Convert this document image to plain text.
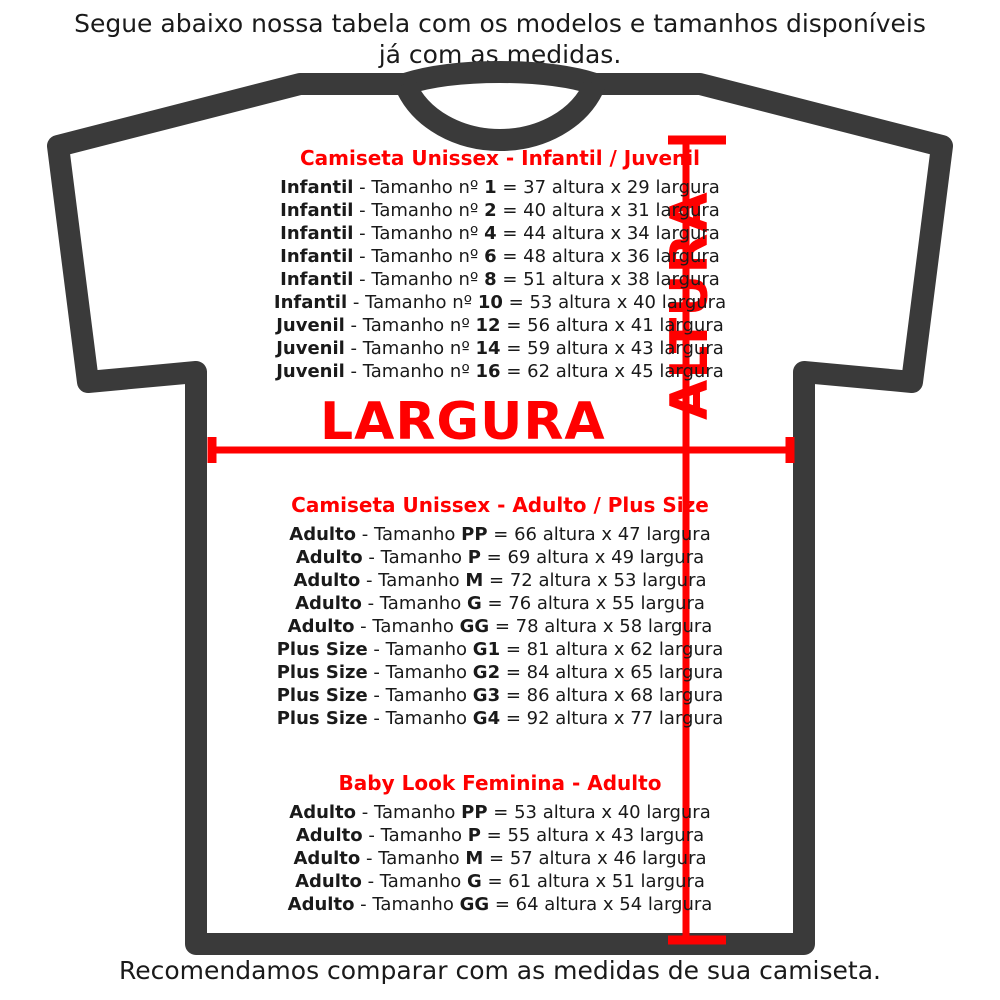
Segue abaixo nossa tabela com os modelos e tamanhos disponíveis
já com as medidas.
LARGURA
ALTURA
Camiseta Unissex - Infantil / Juvenil
Infantil - Tamanho nº 1 = 37 altura x 29 largura
Infantil - Tamanho nº 2 = 40 altura x 31 largura
Infantil - Tamanho nº 4 = 44 altura x 34 largura
Infantil - Tamanho nº 6 = 48 altura x 36 largura
Infantil - Tamanho nº 8 = 51 altura x 38 largura
Infantil - Tamanho nº 10 = 53 altura x 40 largura
Juvenil - Tamanho nº 12 = 56 altura x 41 largura
Juvenil - Tamanho nº 14 = 59 altura x 43 largura
Juvenil - Tamanho nº 16 = 62 altura x 45 largura
Camiseta Unissex - Adulto / Plus Size
Adulto - Tamanho PP = 66 altura x 47 largura
Adulto - Tamanho P = 69 altura x 49 largura
Adulto - Tamanho M = 72 altura x 53 largura
Adulto - Tamanho G = 76 altura x 55 largura
Adulto - Tamanho GG = 78 altura x 58 largura
Plus Size - Tamanho G1 = 81 altura x 62 largura
Plus Size - Tamanho G2 = 84 altura x 65 largura
Plus Size - Tamanho G3 = 86 altura x 68 largura
Plus Size - Tamanho G4 = 92 altura x 77 largura
Baby Look Feminina - Adulto
Adulto - Tamanho PP = 53 altura x 40 largura
Adulto - Tamanho P = 55 altura x 43 largura
Adulto - Tamanho M = 57 altura x 46 largura
Adulto - Tamanho G = 61 altura x 51 largura
Adulto - Tamanho GG = 64 altura x 54 largura
Recomendamos comparar com as medidas de sua camiseta.
